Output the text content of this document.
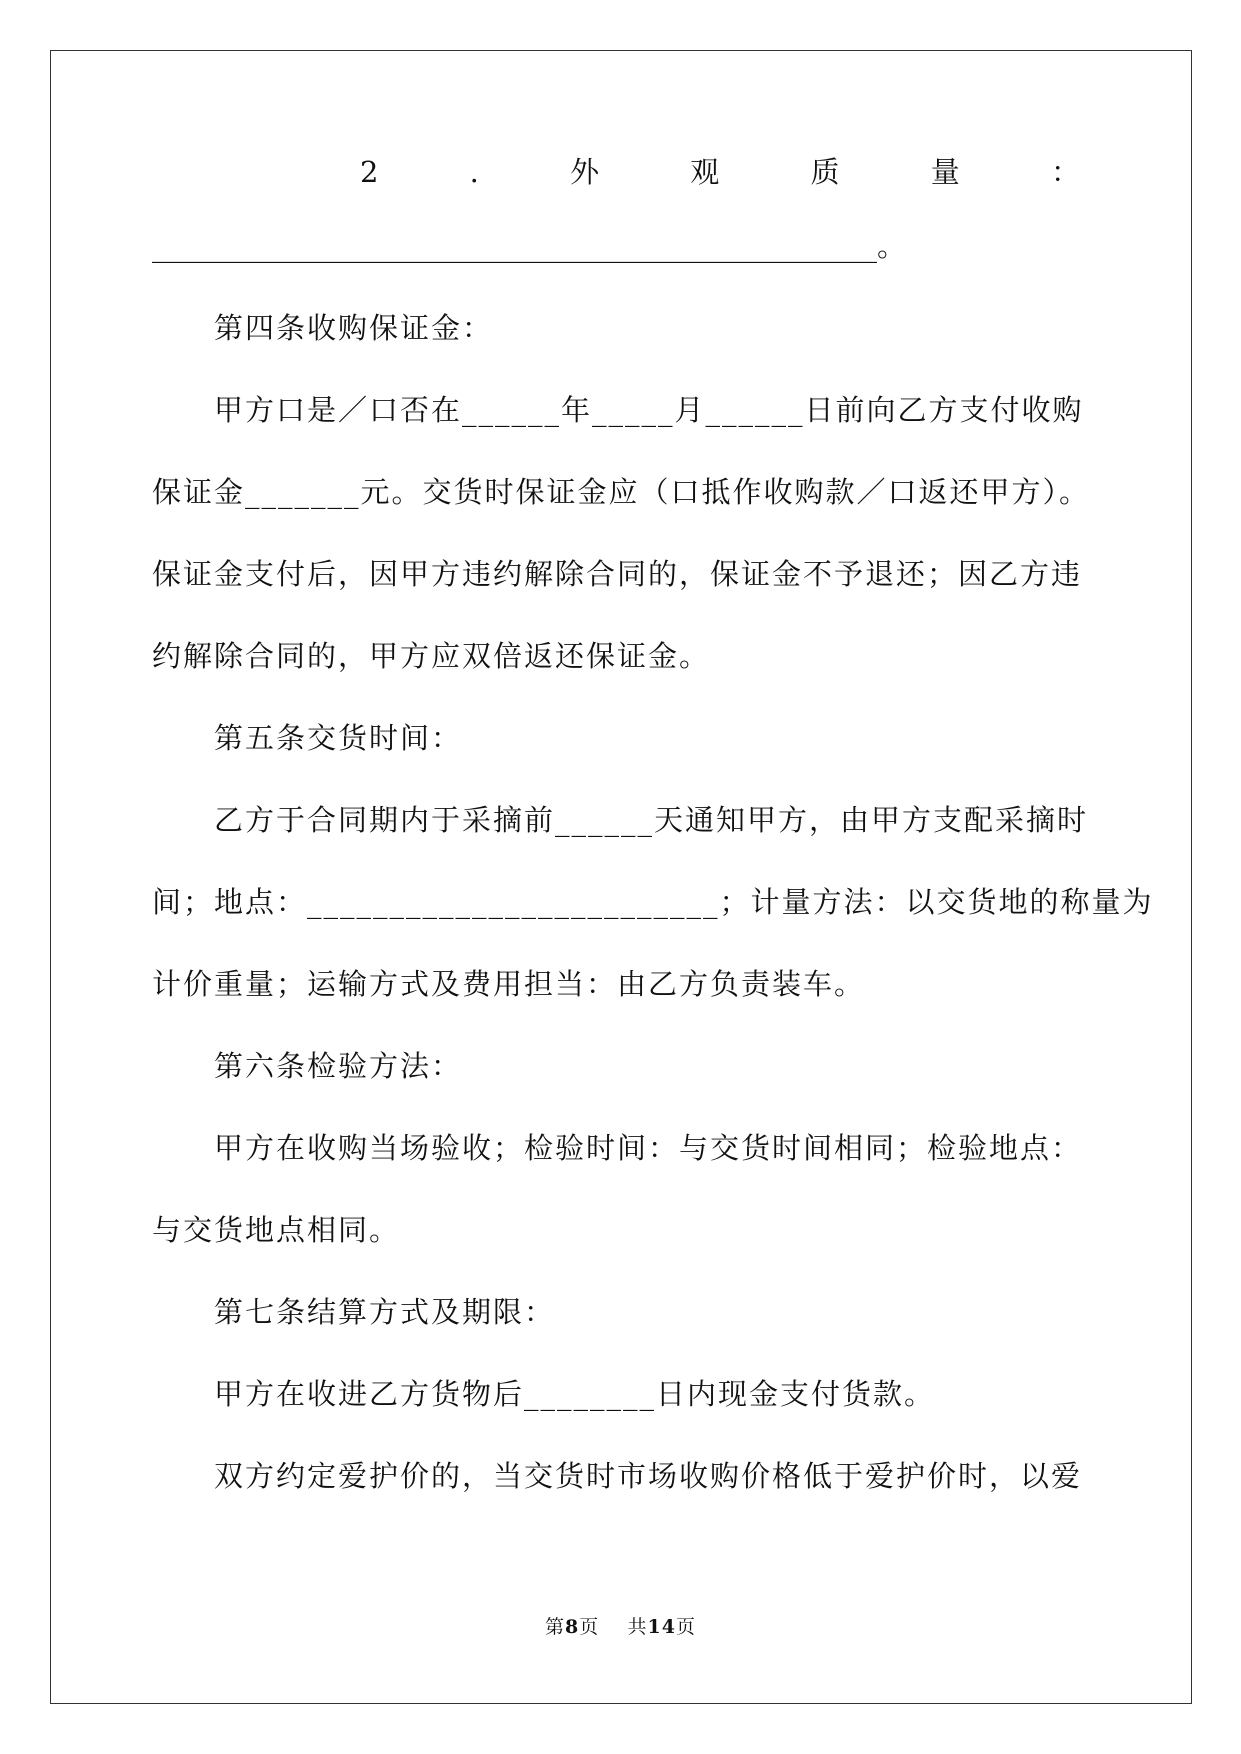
2	.	外	观	质	量	：
__________________________________________________。
第四条收购保证金：
甲方口是／口否在______年_____月______日前向乙方支付收购
保证金_______元。交货时保证金应（口抵作收购款／口返还甲方）。
保证金支付后，因甲方违约解除合同的，保证金不予退还；因乙方违
约解除合同的，甲方应双倍返还保证金。
第五条交货时间：
乙方于合同期内于采摘前______天通知甲方，由甲方支配采摘时
间；地点：_________________________；计量方法：以交货地的称量为
计价重量；运输方式及费用担当：由乙方负责装车。
第六条检验方法：
甲方在收购当场验收；检验时间：与交货时间相同；检验地点：
与交货地点相同。
第七条结算方式及期限：
甲方在收进乙方货物后________日内现金支付货款。
双方约定爱护价的，当交货时市场收购价格低于爱护价时，以爱
第8页 共14页
